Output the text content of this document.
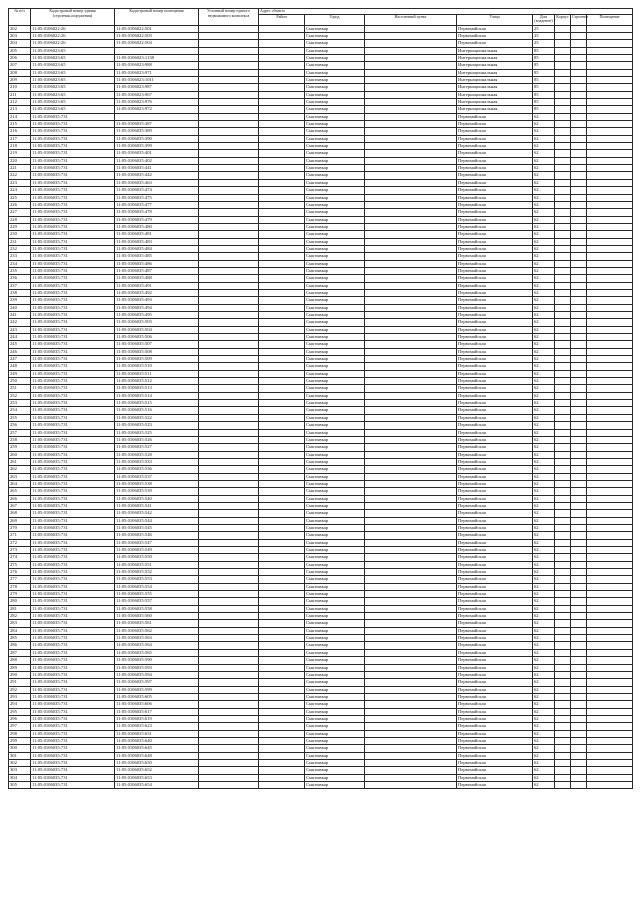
№ п/п	Кадастровый номер здания (строения,сооружения)	Кадастровый номер помещения	Условный номер единого недвижимого комплекса	Адрес объекта							
				Район	Город	Населенный пункт	Улица	Дом (владение)	Корпус	Строение	Помещение
202	11:05:0106022:26	11:05:0106022:501			Сыктывкар		Первомайская	25			
203	11:05:0106022:26	11:05:0106022:503			Сыктывкар		Первомайская	25			
204	11:05:0106022:26	11:05:0106022:504			Сыктывкар		Первомайская	25			
205	11:05:0106023:65				Сыктывкар		Интернациональная	85			
206	11:05:0106023:65	11:05:0106023:1138			Сыктывкар		Интернациональная	85			
207	11:05:0106023:65	11:05:0106023:988			Сыктывкар		Интернациональная	85			
208	11:05:0106023:65	11:05:0106023:971			Сыктывкар		Интернациональная	85			
209	11:05:0106023:65	11:05:0106023:1011			Сыктывкар		Интернациональная	85			
210	11:05:0106023:65	11:05:0106023:987			Сыктывкар		Интернациональная	85			
211	11:05:0106023:65	11:05:0106023:967			Сыктывкар		Интернациональная	85			
212	11:05:0106023:65	11:05:0106023:976			Сыктывкар		Интернациональная	85			
213	11:05:0106023:65	11:05:0106023:972			Сыктывкар		Интернациональная	85			
214	11:05:0106035:731				Сыктывкар		Первомайская	62			
215	11:05:0106035:731	11:05:0106035:387			Сыктывкар		Первомайская	62			
216	11:05:0106035:731	11:05:0106035:389			Сыктывкар		Первомайская	62			
217	11:05:0106035:731	11:05:0106035:390			Сыктывкар		Первомайская	62			
218	11:05:0106035:731	11:05:0106035:399			Сыктывкар		Первомайская	62			
219	11:05:0106035:731	11:05:0106035:401			Сыктывкар		Первомайская	62			
220	11:05:0106035:731	11:05:0106035:402			Сыктывкар		Первомайская	62			
221	11:05:0106035:731	11:05:0106035:441			Сыктывкар		Первомайская	62			
222	11:05:0106035:731	11:05:0106035:442			Сыктывкар		Первомайская	62			
223	11:05:0106035:731	11:05:0106035:463			Сыктывкар		Первомайская	62			
224	11:05:0106035:731	11:05:0106035:474			Сыктывкар		Первомайская	62			
225	11:05:0106035:731	11:05:0106035:475			Сыктывкар		Первомайская	62			
226	11:05:0106035:731	11:05:0106035:477			Сыктывкар		Первомайская	62			
227	11:05:0106035:731	11:05:0106035:478			Сыктывкар		Первомайская	62			
228	11:05:0106035:731	11:05:0106035:479			Сыктывкар		Первомайская	62			
229	11:05:0106035:731	11:05:0106035:480			Сыктывкар		Первомайская	62			
230	11:05:0106035:731	11:05:0106035:481			Сыктывкар		Первомайская	62			
231	11:05:0106035:731	11:05:0106035:483			Сыктывкар		Первомайская	62			
232	11:05:0106035:731	11:05:0106035:484			Сыктывкар		Первомайская	62			
233	11:05:0106035:731	11:05:0106035:485			Сыктывкар		Первомайская	62			
234	11:05:0106035:731	11:05:0106035:486			Сыктывкар		Первомайская	62			
235	11:05:0106035:731	11:05:0106035:487			Сыктывкар		Первомайская	62			
236	11:05:0106035:731	11:05:0106035:488			Сыктывкар		Первомайская	62			
237	11:05:0106035:731	11:05:0106035:491			Сыктывкар		Первомайская	62			
238	11:05:0106035:731	11:05:0106035:492			Сыктывкар		Первомайская	62			
239	11:05:0106035:731	11:05:0106035:493			Сыктывкар		Первомайская	62			
240	11:05:0106035:731	11:05:0106035:494			Сыктывкар		Первомайская	62			
241	11:05:0106035:731	11:05:0106035:495			Сыктывкар		Первомайская	62			
242	11:05:0106035:731	11:05:0106035:503			Сыктывкар		Первомайская	62			
243	11:05:0106035:731	11:05:0106035:504			Сыктывкар		Первомайская	62			
244	11:05:0106035:731	11:05:0106035:506			Сыктывкар		Первомайская	62			
245	11:05:0106035:731	11:05:0106035:507			Сыктывкар		Первомайская	62			
246	11:05:0106035:731	11:05:0106035:508			Сыктывкар		Первомайская	62			
247	11:05:0106035:731	11:05:0106035:509			Сыктывкар		Первомайская	62			
248	11:05:0106035:731	11:05:0106035:510			Сыктывкар		Первомайская	62			
249	11:05:0106035:731	11:05:0106035:511			Сыктывкар		Первомайская	62			
250	11:05:0106035:731	11:05:0106035:512			Сыктывкар		Первомайская	62			
251	11:05:0106035:731	11:05:0106035:513			Сыктывкар		Первомайская	62			
252	11:05:0106035:731	11:05:0106035:514			Сыктывкар		Первомайская	62			
253	11:05:0106035:731	11:05:0106035:515			Сыктывкар		Первомайская	62			
254	11:05:0106035:731	11:05:0106035:516			Сыктывкар		Первомайская	62			
255	11:05:0106035:731	11:05:0106035:522			Сыктывкар		Первомайская	62			
256	11:05:0106035:731	11:05:0106035:523			Сыктывкар		Первомайская	62			
257	11:05:0106035:731	11:05:0106035:525			Сыктывкар		Первомайская	62			
258	11:05:0106035:731	11:05:0106035:526			Сыктывкар		Первомайская	62			
259	11:05:0106035:731	11:05:0106035:527			Сыктывкар		Первомайская	62			
260	11:05:0106035:731	11:05:0106035:528			Сыктывкар		Первомайская	62			
261	11:05:0106035:731	11:05:0106035:533			Сыктывкар		Первомайская	62			
262	11:05:0106035:731	11:05:0106035:536			Сыктывкар		Первомайская	62			
263	11:05:0106035:731	11:05:0106035:537			Сыктывкар		Первомайская	62			
264	11:05:0106035:731	11:05:0106035:538			Сыктывкар		Первомайская	62			
265	11:05:0106035:731	11:05:0106035:539			Сыктывкар		Первомайская	62			
266	11:05:0106035:731	11:05:0106035:540			Сыктывкар		Первомайская	62			
267	11:05:0106035:731	11:05:0106035:541			Сыктывкар		Первомайская	62			
268	11:05:0106035:731	11:05:0106035:542			Сыктывкар		Первомайская	62			
269	11:05:0106035:731	11:05:0106035:544			Сыктывкар		Первомайская	62			
270	11:05:0106035:731	11:05:0106035:545			Сыктывкар		Первомайская	62			
271	11:05:0106035:731	11:05:0106035:546			Сыктывкар		Первомайская	62			
272	11:05:0106035:731	11:05:0106035:547			Сыктывкар		Первомайская	62			
273	11:05:0106035:731	11:05:0106035:549			Сыктывкар		Первомайская	62			
274	11:05:0106035:731	11:05:0106035:550			Сыктывкар		Первомайская	62			
275	11:05:0106035:731	11:05:0106035:551			Сыктывкар		Первомайская	62			
276	11:05:0106035:731	11:05:0106035:552			Сыктывкар		Первомайская	62			
277	11:05:0106035:731	11:05:0106035:553			Сыктывкар		Первомайская	62			
278	11:05:0106035:731	11:05:0106035:554			Сыктывкар		Первомайская	62			
279	11:05:0106035:731	11:05:0106035:555			Сыктывкар		Первомайская	62			
280	11:05:0106035:731	11:05:0106035:557			Сыктывкар		Первомайская	62			
281	11:05:0106035:731	11:05:0106035:558			Сыктывкар		Первомайская	62			
282	11:05:0106035:731	11:05:0106035:560			Сыктывкар		Первомайская	62			
283	11:05:0106035:731	11:05:0106035:561			Сыктывкар		Первомайская	62			
284	11:05:0106035:731	11:05:0106035:562			Сыктывкар		Первомайская	62			
285	11:05:0106035:731	11:05:0106035:563			Сыктывкар		Первомайская	62			
286	11:05:0106035:731	11:05:0106035:564			Сыктывкар		Первомайская	62			
287	11:05:0106035:731	11:05:0106035:565			Сыктывкар		Первомайская	62			
288	11:05:0106035:731	11:05:0106035:590			Сыктывкар		Первомайская	62			
289	11:05:0106035:731	11:05:0106035:593			Сыктывкар		Первомайская	62			
290	11:05:0106035:731	11:05:0106035:594			Сыктывкар		Первомайская	62			
291	11:05:0106035:731	11:05:0106035:597			Сыктывкар		Первомайская	62			
292	11:05:0106035:731	11:05:0106035:599			Сыктывкар		Первомайская	62			
293	11:05:0106035:731	11:05:0106035:605			Сыктывкар		Первомайская	62			
294	11:05:0106035:731	11:05:0106035:606			Сыктывкар		Первомайская	62			
295	11:05:0106035:731	11:05:0106035:617			Сыктывкар		Первомайская	62			
296	11:05:0106035:731	11:05:0106035:619			Сыктывкар		Первомайская	62			
297	11:05:0106035:731	11:05:0106035:623			Сыктывкар		Первомайская	62			
298	11:05:0106035:731	11:05:0106035:631			Сыктывкар		Первомайская	62			
299	11:05:0106035:731	11:05:0106035:640			Сыктывкар		Первомайская	62			
300	11:05:0106035:731	11:05:0106035:645			Сыктывкар		Первомайская	62			
301	11:05:0106035:731	11:05:0106035:648			Сыктывкар		Первомайская	62			
302	11:05:0106035:731	11:05:0106035:650			Сыктывкар		Первомайская	62			
303	11:05:0106035:731	11:05:0106035:652			Сыктывкар		Первомайская	62			
304	11:05:0106035:731	11:05:0106035:653			Сыктывкар		Первомайская	62			
305	11:05:0106035:731	11:05:0106035:654			Сыктывкар		Первомайская	62			
